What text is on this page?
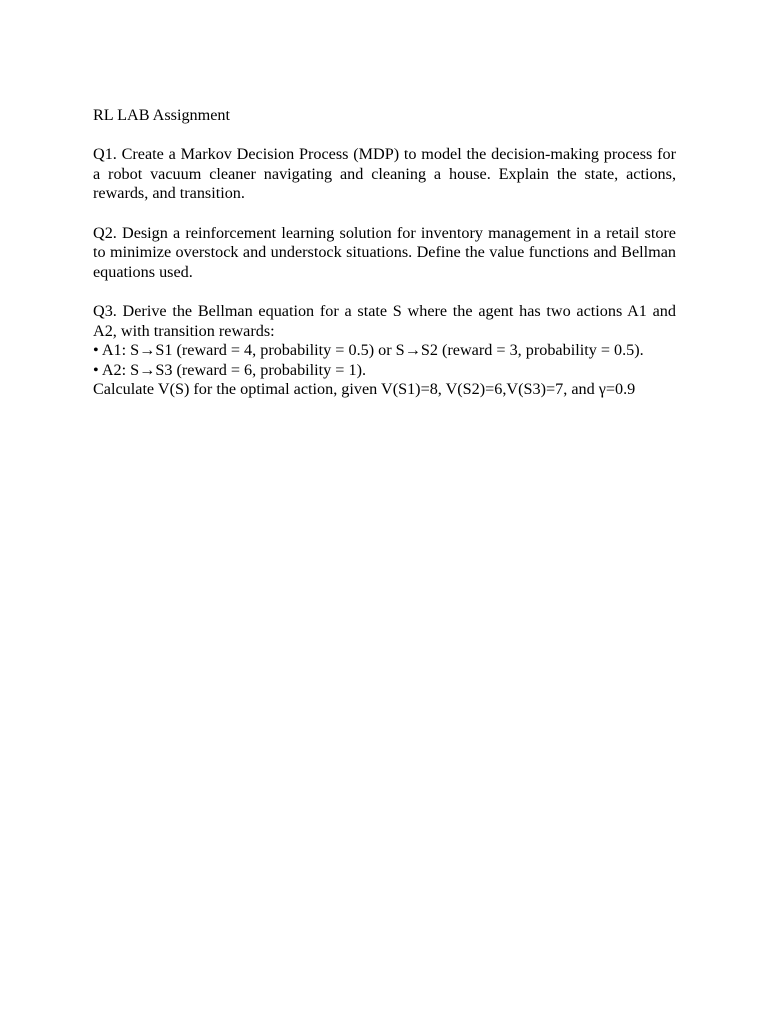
RL LAB Assignment

Q1. Create a Markov Decision Process (MDP) to model the decision-making process for a robot vacuum cleaner navigating and cleaning a house. Explain the state, actions, rewards, and transition.

Q2. Design a reinforcement learning solution for inventory management in a retail store to minimize overstock and understock situations. Define the value functions and Bellman equations used.

Q3. Derive the Bellman equation for a state S where the agent has two actions A1 and A2, with transition rewards:
• A1: S→S1 (reward = 4, probability = 0.5) or S→S2 (reward = 3, probability = 0.5).
• A2: S→S3 (reward = 6, probability = 1).
Calculate V(S) for the optimal action, given V(S1)=8, V(S2)=6,V(S3)=7, and γ=0.9
